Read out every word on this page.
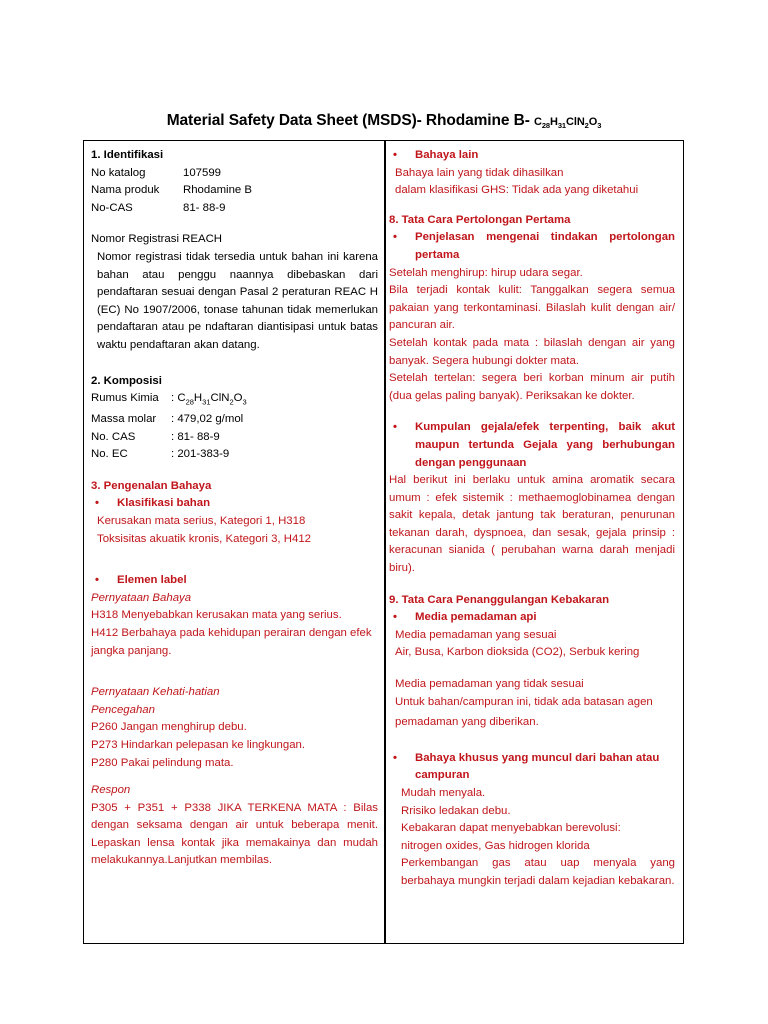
Material Safety Data Sheet (MSDS)- Rhodamine B- $C_{28}H_{31}ClN_2O_3$
1. Identifikasi
No katalog	107599
Nama produk	Rhodamine B
No-CAS	81- 88-9
Nomor Registrasi REACH
Nomor registrasi tidak tersedia untuk bahan ini karena bahan atau penggu naannya dibebaskan dari pendaftaran sesuai dengan Pasal 2 peraturan REAC H (EC) No 1907/2006, tonase tahunan tidak memerlukan pendaftaran atau pe ndaftaran diantisipasi untuk batas waktu pendaftaran akan datang.
2. Komposisi
Rumus Kimia	: $C_{28}H_{31}ClN_2O_3$
Massa molar	: 479,02 g/mol
No. CAS	: 81- 88-9
No. EC	: 201-383-9
3. Pengenalan Bahaya
• Klasifikasi bahan
Kerusakan mata serius, Kategori 1, H318
Toksisitas akuatik kronis, Kategori 3, H412
• Elemen label
Pernyataan Bahaya
H318 Menyebabkan kerusakan mata yang serius.
H412 Berbahaya pada kehidupan perairan dengan efek jangka panjang.
Pernyataan Kehati-hatian
Pencegahan
P260 Jangan menghirup debu.
P273 Hindarkan pelepasan ke lingkungan.
P280 Pakai pelindung mata.
Respon
P305 + P351 + P338 JIKA TERKENA MATA : Bilas dengan seksama dengan air untuk beberapa menit. Lepaskan lensa kontak jika memakainya dan mudah melakukannya.Lanjutkan membilas.
• Bahaya lain
Bahaya lain yang tidak dihasilkan
dalam klasifikasi GHS: Tidak ada yang diketahui
8. Tata Cara Pertolongan Pertama
• Penjelasan mengenai tindakan pertolongan pertama
Setelah menghirup: hirup udara segar.
Bila terjadi kontak kulit: Tanggalkan segera semua pakaian yang terkontaminasi. Bilaslah kulit dengan air/ pancuran air.
Setelah kontak pada mata : bilaslah dengan air yang banyak. Segera hubungi dokter mata.
Setelah tertelan: segera beri korban minum air putih (dua gelas paling banyak). Periksakan ke dokter.
• Kumpulan gejala/efek terpenting, baik akut maupun tertunda Gejala yang berhubungan dengan penggunaan
Hal berikut ini berlaku untuk amina aromatik secara umum : efek sistemik : methaemoglobinamea dengan sakit kepala, detak jantung tak beraturan, penurunan tekanan darah, dyspnoea, dan sesak, gejala prinsip : keracunan sianida ( perubahan warna darah menjadi biru).
9. Tata Cara Penanggulangan Kebakaran
• Media pemadaman api
Media pemadaman yang sesuai
Air, Busa, Karbon dioksida (CO2), Serbuk kering
Media pemadaman yang tidak sesuai
Untuk bahan/campuran ini, tidak ada batasan agen
pemadaman yang diberikan.
• Bahaya khusus yang muncul dari bahan atau campuran
Mudah menyala.
Rrisiko ledakan debu.
Kebakaran dapat menyebabkan berevolusi:
nitrogen oxides, Gas hidrogen klorida
Perkembangan gas atau uap menyala yang berbahaya mungkin terjadi dalam kejadian kebakaran.
